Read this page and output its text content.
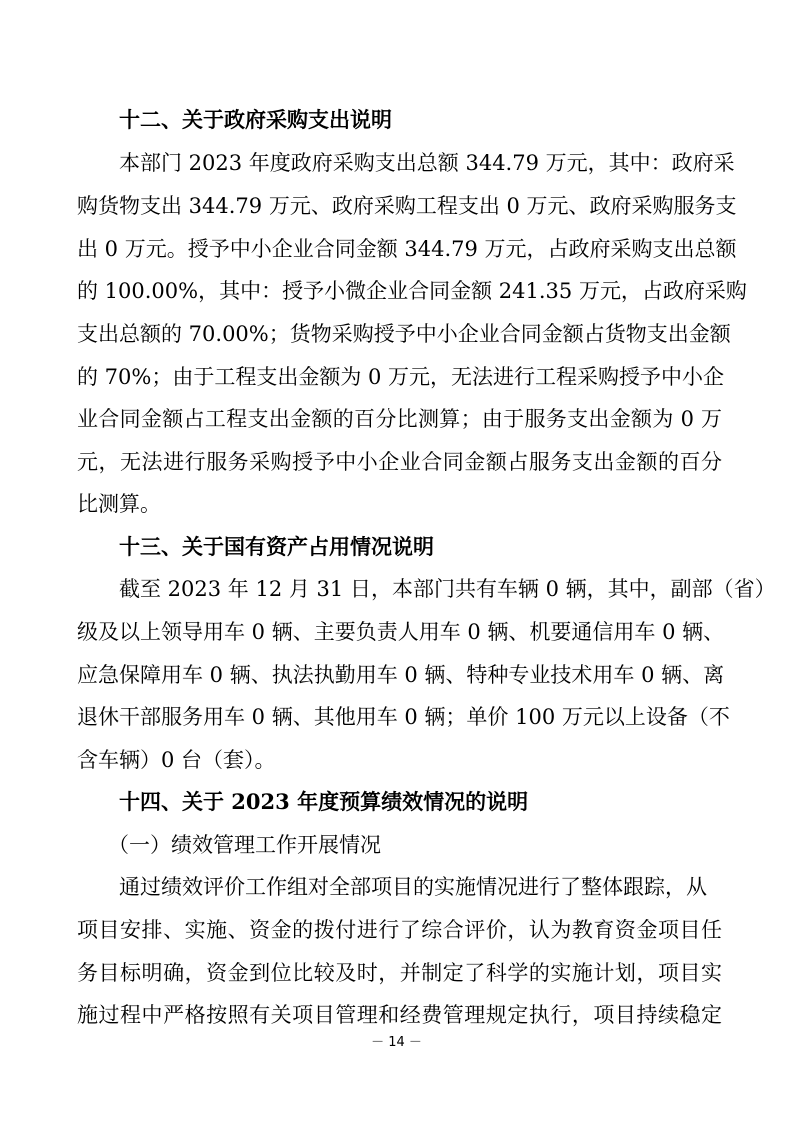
十二、关于政府采购支出说明
本部门 2023 年度政府采购支出总额 344.79 万元，其中：政府采
购货物支出 344.79 万元、政府采购工程支出 0 万元、政府采购服务支
出 0 万元。授予中小企业合同金额 344.79 万元，占政府采购支出总额
的 100.00%，其中：授予小微企业合同金额 241.35 万元，占政府采购
支出总额的 70.00%；货物采购授予中小企业合同金额占货物支出金额
的 70%；由于工程支出金额为 0 万元，无法进行工程采购授予中小企
业合同金额占工程支出金额的百分比测算；由于服务支出金额为 0 万
元，无法进行服务采购授予中小企业合同金额占服务支出金额的百分
比测算。
十三、关于国有资产占用情况说明
截至 2023 年 12 月 31 日，本部门共有车辆 0 辆，其中，副部（省）
级及以上领导用车 0 辆、主要负责人用车 0 辆、机要通信用车 0 辆、
应急保障用车 0 辆、执法执勤用车 0 辆、特种专业技术用车 0 辆、离
退休干部服务用车 0 辆、其他用车 0 辆；单价 100 万元以上设备（不
含车辆）0 台（套）。
十四、关于 2023 年度预算绩效情况的说明
（一）绩效管理工作开展情况
通过绩效评价工作组对全部项目的实施情况进行了整体跟踪，从
项目安排、实施、资金的拨付进行了综合评价，认为教育资金项目任
务目标明确，资金到位比较及时，并制定了科学的实施计划，项目实
施过程中严格按照有关项目管理和经费管理规定执行，项目持续稳定
－ 14 －
